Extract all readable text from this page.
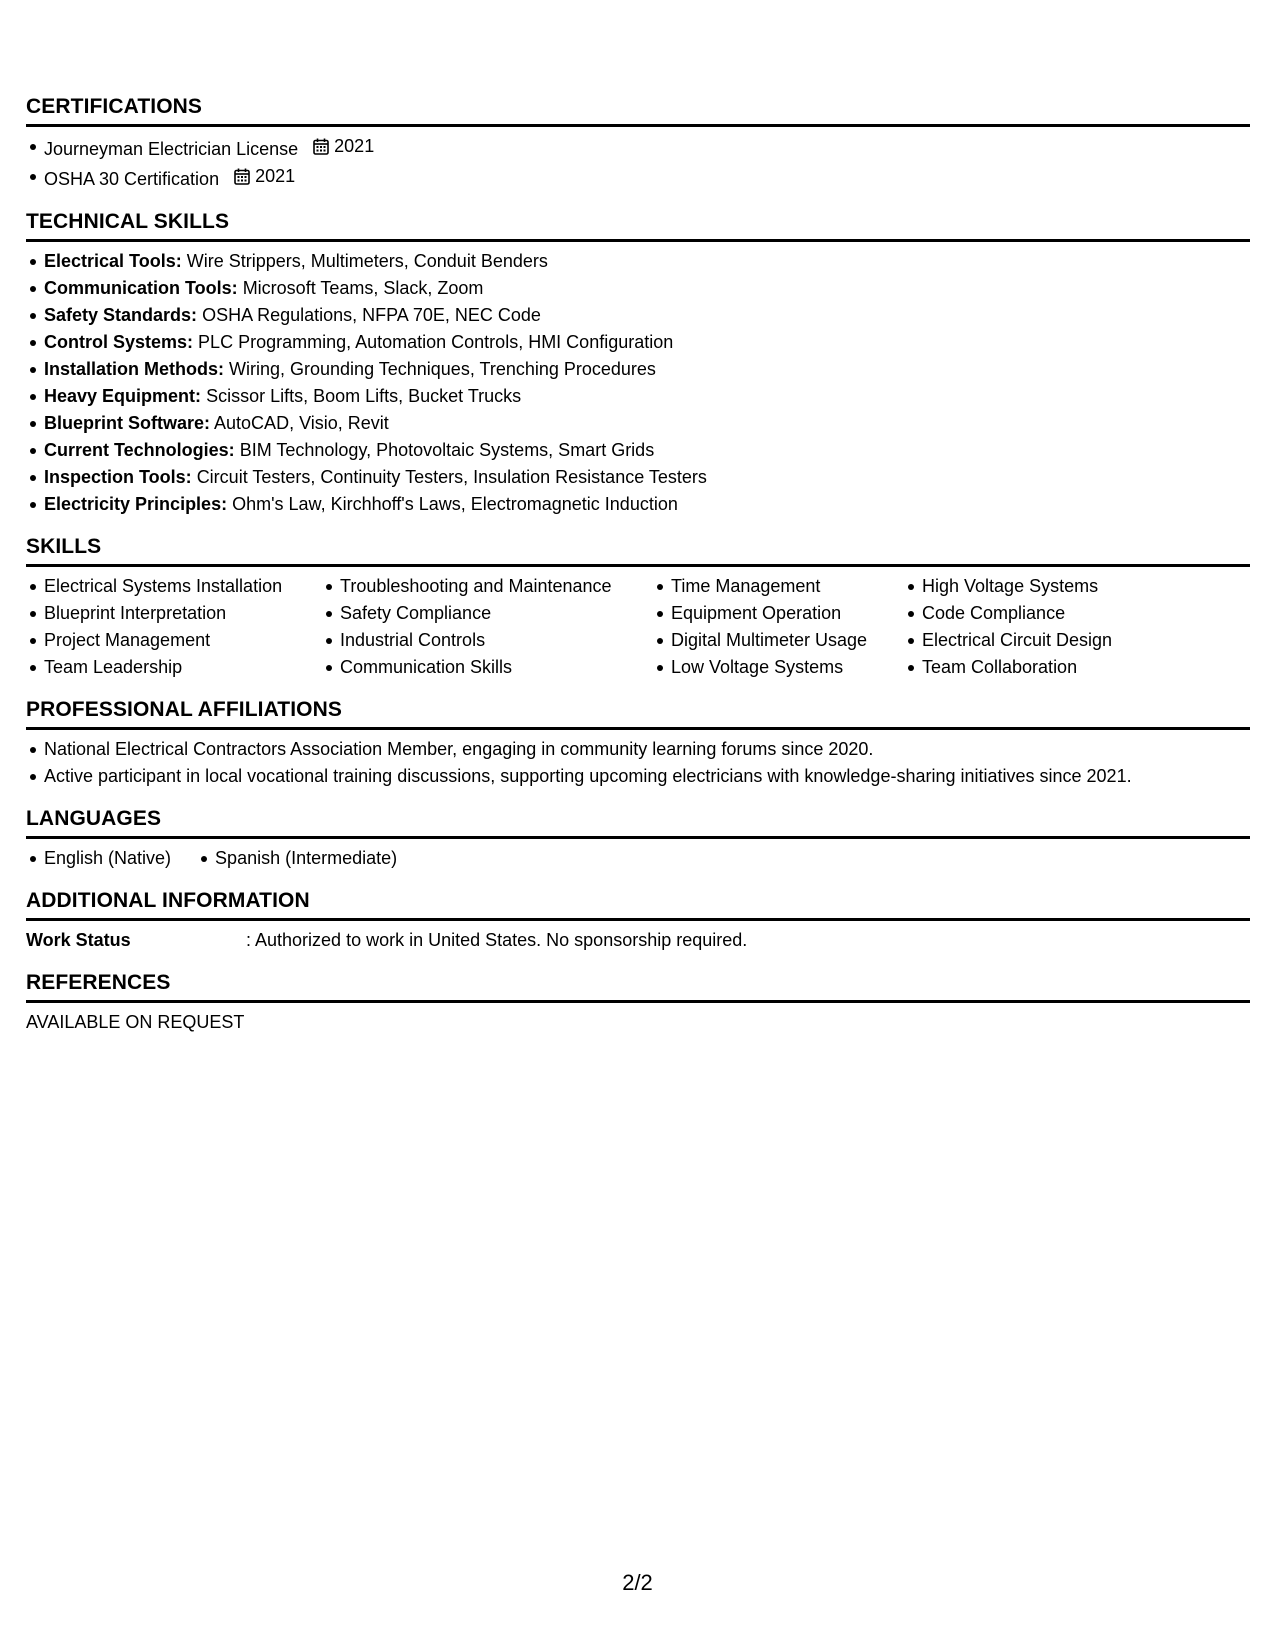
CERTIFICATIONS
Journeyman Electrician License 2021
OSHA 30 Certification 2021
TECHNICAL SKILLS
Electrical Tools: Wire Strippers, Multimeters, Conduit Benders
Communication Tools: Microsoft Teams, Slack, Zoom
Safety Standards: OSHA Regulations, NFPA 70E, NEC Code
Control Systems: PLC Programming, Automation Controls, HMI Configuration
Installation Methods: Wiring, Grounding Techniques, Trenching Procedures
Heavy Equipment: Scissor Lifts, Boom Lifts, Bucket Trucks
Blueprint Software: AutoCAD, Visio, Revit
Current Technologies: BIM Technology, Photovoltaic Systems, Smart Grids
Inspection Tools: Circuit Testers, Continuity Testers, Insulation Resistance Testers
Electricity Principles: Ohm's Law, Kirchhoff's Laws, Electromagnetic Induction
SKILLS
Electrical Systems Installation
Blueprint Interpretation
Project Management
Team Leadership
Troubleshooting and Maintenance
Safety Compliance
Industrial Controls
Communication Skills
Time Management
Equipment Operation
Digital Multimeter Usage
Low Voltage Systems
High Voltage Systems
Code Compliance
Electrical Circuit Design
Team Collaboration
PROFESSIONAL AFFILIATIONS
National Electrical Contractors Association Member, engaging in community learning forums since 2020.
Active participant in local vocational training discussions, supporting upcoming electricians with knowledge-sharing initiatives since 2021.
LANGUAGES
English (Native)	Spanish (Intermediate)
ADDITIONAL INFORMATION
Work Status	: Authorized to work in United States. No sponsorship required.
REFERENCES
AVAILABLE ON REQUEST
2/2
